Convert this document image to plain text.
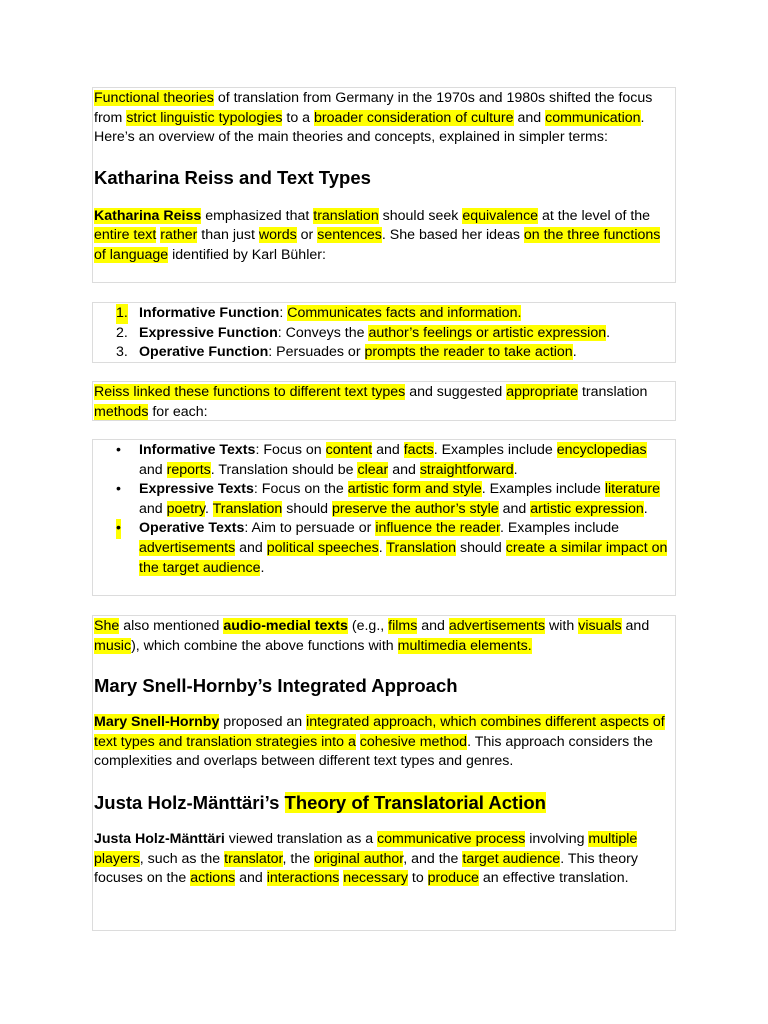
Functional theories of translation from Germany in the 1970s and 1980s shifted the focus from strict linguistic typologies to a broader consideration of culture and communication. Here’s an overview of the main theories and concepts, explained in simpler terms:

Katharina Reiss and Text Types

Katharina Reiss emphasized that translation should seek equivalence at the level of the entire text rather than just words or sentences. She based her ideas on the three functions of language identified by Karl Bühler:

1. Informative Function: Communicates facts and information.
2. Expressive Function: Conveys the author’s feelings or artistic expression.
3. Operative Function: Persuades or prompts the reader to take action.

Reiss linked these functions to different text types and suggested appropriate translation methods for each:

• Informative Texts: Focus on content and facts. Examples include encyclopedias and reports. Translation should be clear and straightforward.
• Expressive Texts: Focus on the artistic form and style. Examples include literature and poetry. Translation should preserve the author’s style and artistic expression.
• Operative Texts: Aim to persuade or influence the reader. Examples include advertisements and political speeches. Translation should create a similar impact on the target audience.

She also mentioned audio-medial texts (e.g., films and advertisements with visuals and music), which combine the above functions with multimedia elements.

Mary Snell-Hornby’s Integrated Approach

Mary Snell-Hornby proposed an integrated approach, which combines different aspects of text types and translation strategies into a cohesive method. This approach considers the complexities and overlaps between different text types and genres.

Justa Holz-Mänttäri’s Theory of Translatorial Action

Justa Holz-Mänttäri viewed translation as a communicative process involving multiple players, such as the translator, the original author, and the target audience. This theory focuses on the actions and interactions necessary to produce an effective translation.
